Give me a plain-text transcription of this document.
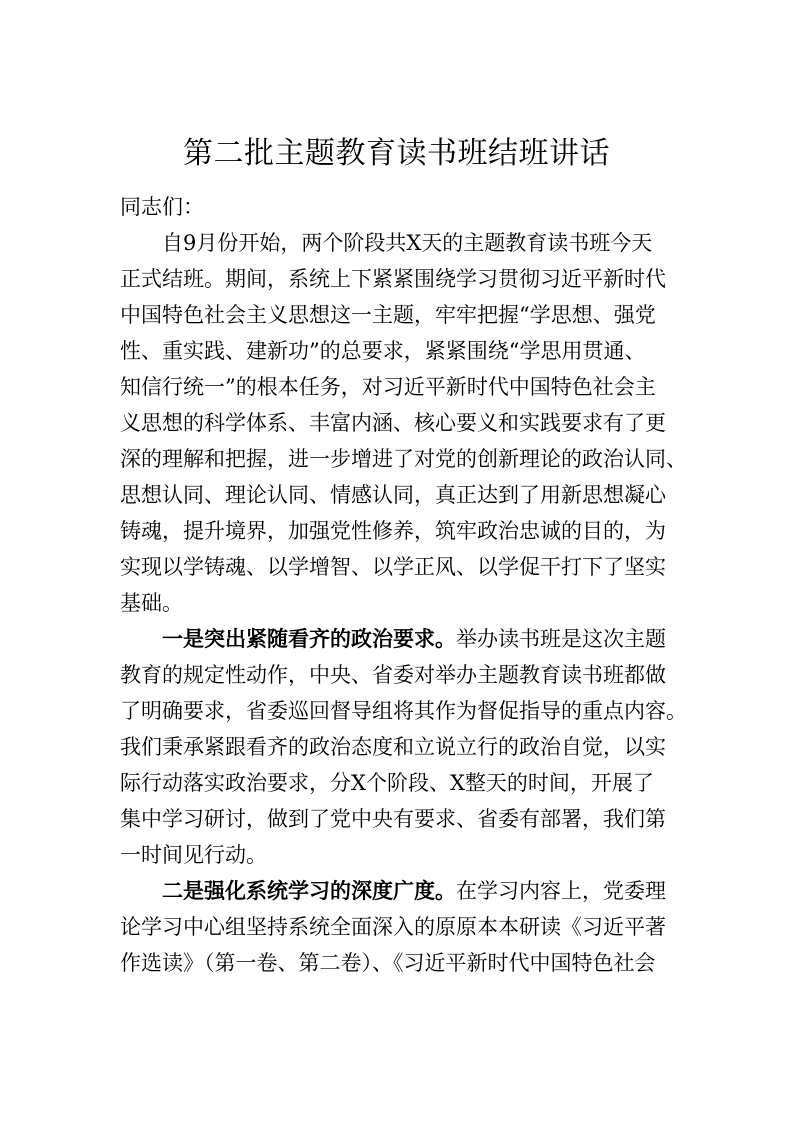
第二批主题教育读书班结班讲话
同志们：
自9月份开始，两个阶段共X天的主题教育读书班今天
正式结班。期间，系统上下紧紧围绕学习贯彻习近平新时代
中国特色社会主义思想这一主题，牢牢把握“学思想、强党
性、重实践、建新功”的总要求，紧紧围绕“学思用贯通、
知信行统一”的根本任务，对习近平新时代中国特色社会主
义思想的科学体系、丰富内涵、核心要义和实践要求有了更
深的理解和把握，进一步增进了对党的创新理论的政治认同、
思想认同、理论认同、情感认同，真正达到了用新思想凝心
铸魂，提升境界，加强党性修养，筑牢政治忠诚的目的，为
实现以学铸魂、以学增智、以学正风、以学促干打下了坚实
基础。
一是突出紧随看齐的政治要求。举办读书班是这次主题
教育的规定性动作，中央、省委对举办主题教育读书班都做
了明确要求，省委巡回督导组将其作为督促指导的重点内容。
我们秉承紧跟看齐的政治态度和立说立行的政治自觉，以实
际行动落实政治要求，分X个阶段、X整天的时间，开展了
集中学习研讨，做到了党中央有要求、省委有部署，我们第
一时间见行动。
二是强化系统学习的深度广度。在学习内容上，党委理
论学习中心组坚持系统全面深入的原原本本研读《习近平著
作选读》（第一卷、第二卷）、《习近平新时代中国特色社会
